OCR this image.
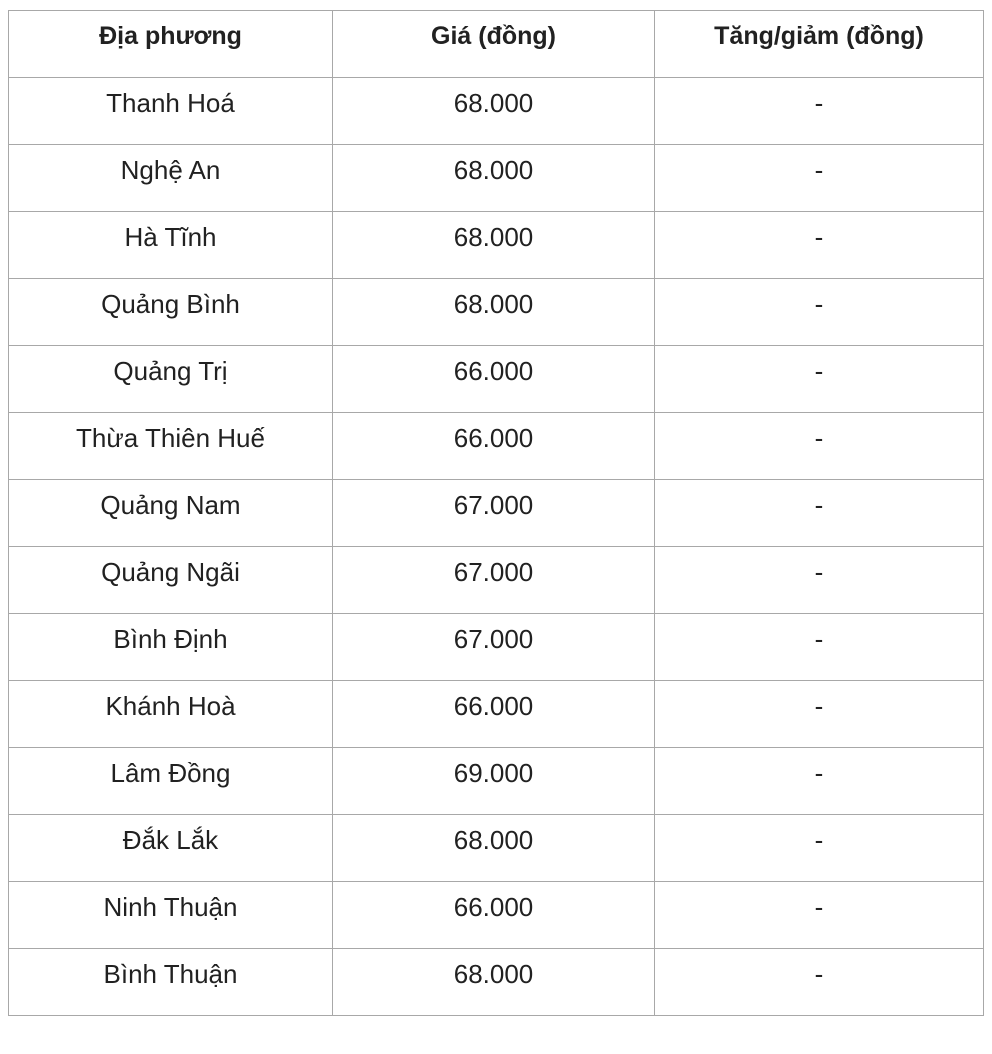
Địa phương	Giá (đồng)	Tăng/giảm (đồng)
Thanh Hoá	68.000	-
Nghệ An	68.000	-
Hà Tĩnh	68.000	-
Quảng Bình	68.000	-
Quảng Trị	66.000	-
Thừa Thiên Huế	66.000	-
Quảng Nam	67.000	-
Quảng Ngãi	67.000	-
Bình Định	67.000	-
Khánh Hoà	66.000	-
Lâm Đồng	69.000	-
Đắk Lắk	68.000	-
Ninh Thuận	66.000	-
Bình Thuận	68.000	-
